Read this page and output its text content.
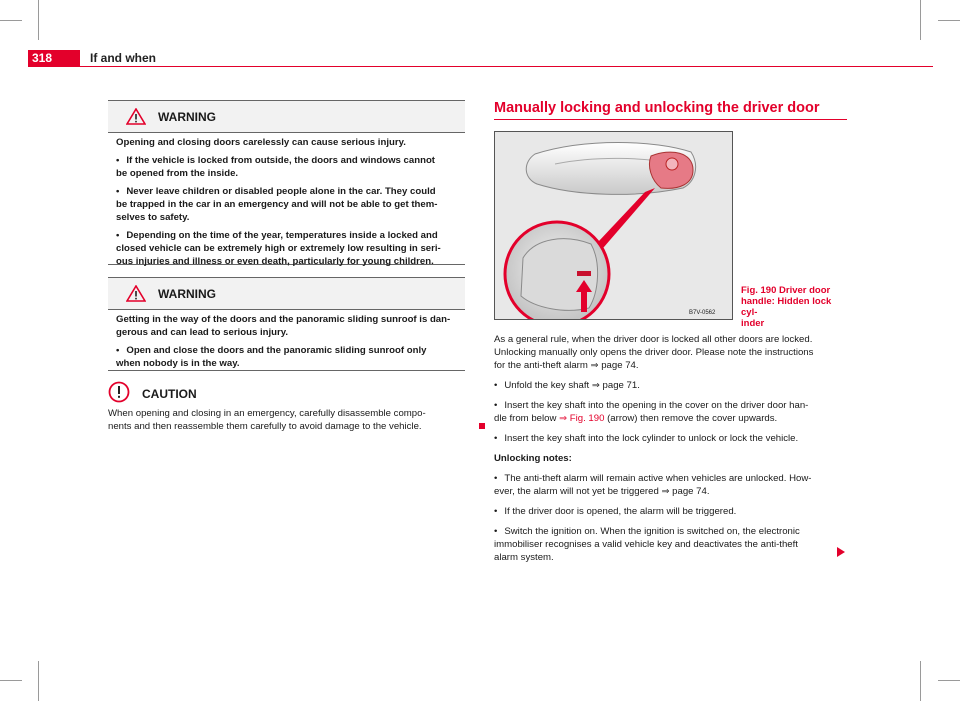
318	If and when
WARNING

Opening and closing doors carelessly can cause serious injury.

• If the vehicle is locked from outside, the doors and windows cannot
be opened from the inside.

• Never leave children or disabled people alone in the car. They could
be trapped in the car in an emergency and will not be able to get them-
selves to safety.

• Depending on the time of the year, temperatures inside a locked and
closed vehicle can be extremely high or extremely low resulting in seri-
ous injuries and illness or even death, particularly for young children.

WARNING

Getting in the way of the doors and the panoramic sliding sunroof is dan-
gerous and can lead to serious injury.

• Open and close the doors and the panoramic sliding sunroof only
when nobody is in the way.

CAUTION
When opening and closing in an emergency, carefully disassemble compo-
nents and then reassemble them carefully to avoid damage to the vehicle.
Manually locking and unlocking the driver door
B7V-0562
Fig. 190 Driver door
handle: Hidden lock cyl-
inder

As a general rule, when the driver door is locked all other doors are locked.
Unlocking manually only opens the driver door. Please note the instructions
for the anti-theft alarm ⇒ page 74.

• Unfold the key shaft ⇒ page 71.

• Insert the key shaft into the opening in the cover on the driver door han-
dle from below ⇒ Fig. 190 (arrow) then remove the cover upwards.

• Insert the key shaft into the lock cylinder to unlock or lock the vehicle.

Unlocking notes:

• The anti-theft alarm will remain active when vehicles are unlocked. How-
ever, the alarm will not yet be triggered ⇒ page 74.

• If the driver door is opened, the alarm will be triggered.

• Switch the ignition on. When the ignition is switched on, the electronic
immobiliser recognises a valid vehicle key and deactivates the anti-theft
alarm system.
